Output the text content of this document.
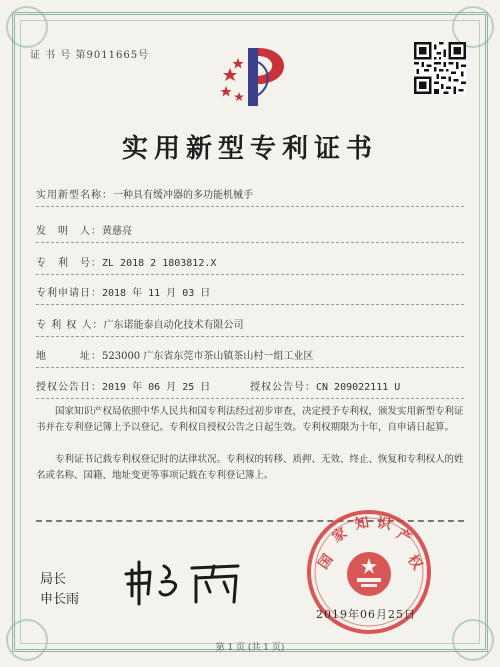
证 书 号 第9011665号
实用新型专利证书
实用新型名称：一种具有缓冲器的多功能机械手
发　明　人：黄慈亮
专　利　号：ZL 2018 2 1803812.X
专利申请日：2018 年 11 月 03 日
专 利 权 人：广东诺能泰自动化技术有限公司
地　　　址：523000 广东省东莞市茶山镇茶山村一组工业区
授权公告日：2019 年 06 月 25 日	授权公告号：CN 209022111 U
国家知识产权局依照中华人民共和国专利法经过初步审查，决定授予专利权，颁发实用新型专利证书并在专利登记簿上予以登记。专利权自授权公告之日起生效。专利权期限为十年，自申请日起算。
专利证书记载专利权登记时的法律状况。专利权的转移、质押、无效、终止、恢复和专利权人的姓名或名称、国籍、地址变更等事项记载在专利登记簿上。
局长
申长雨
国
家
知 识
产
权
2019年06月25日
第 1 页 (共 1 页)
